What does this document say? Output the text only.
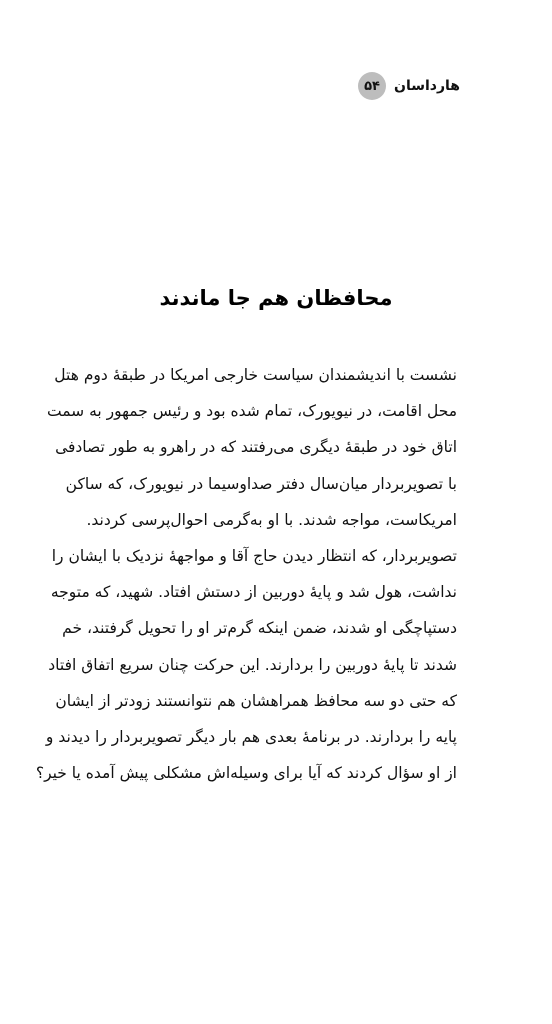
۵۴	هارداسان
محافظان هم جا ماندند
نشست با اندیشمندان سیاست خارجی امریکا در طبقهٔ دوم هتل
محل اقامت، در نیویورک، تمام شده بود و رئیس جمهور به سمت
اتاق خود در طبقهٔ دیگری می‌رفتند که در راهرو به طور تصادفی
با تصویربردار میان‌سال دفتر صداوسیما در نیویورک، که ساکن
امریکاست، مواجه شدند. با او به‌گرمی احوال‌پرسی کردند.
تصویربردار، که انتظار دیدن حاج آقا و مواجههٔ نزدیک با ایشان را
نداشت، هول شد و پایهٔ دوربین از دستش افتاد. شهید، که متوجه
دستپاچگی او شدند، ضمن اینکه گرم‌تر او را تحویل گرفتند، خم
شدند تا پایهٔ دوربین را بردارند. این حرکت چنان سریع اتفاق افتاد
که حتی دو سه محافظ همراهشان هم نتوانستند زودتر از ایشان
پایه را بردارند. در برنامهٔ بعدی هم بار دیگر تصویربردار را دیدند و
از او سؤال کردند که آیا برای وسیله‌اش مشکلی پیش آمده یا خیر؟
